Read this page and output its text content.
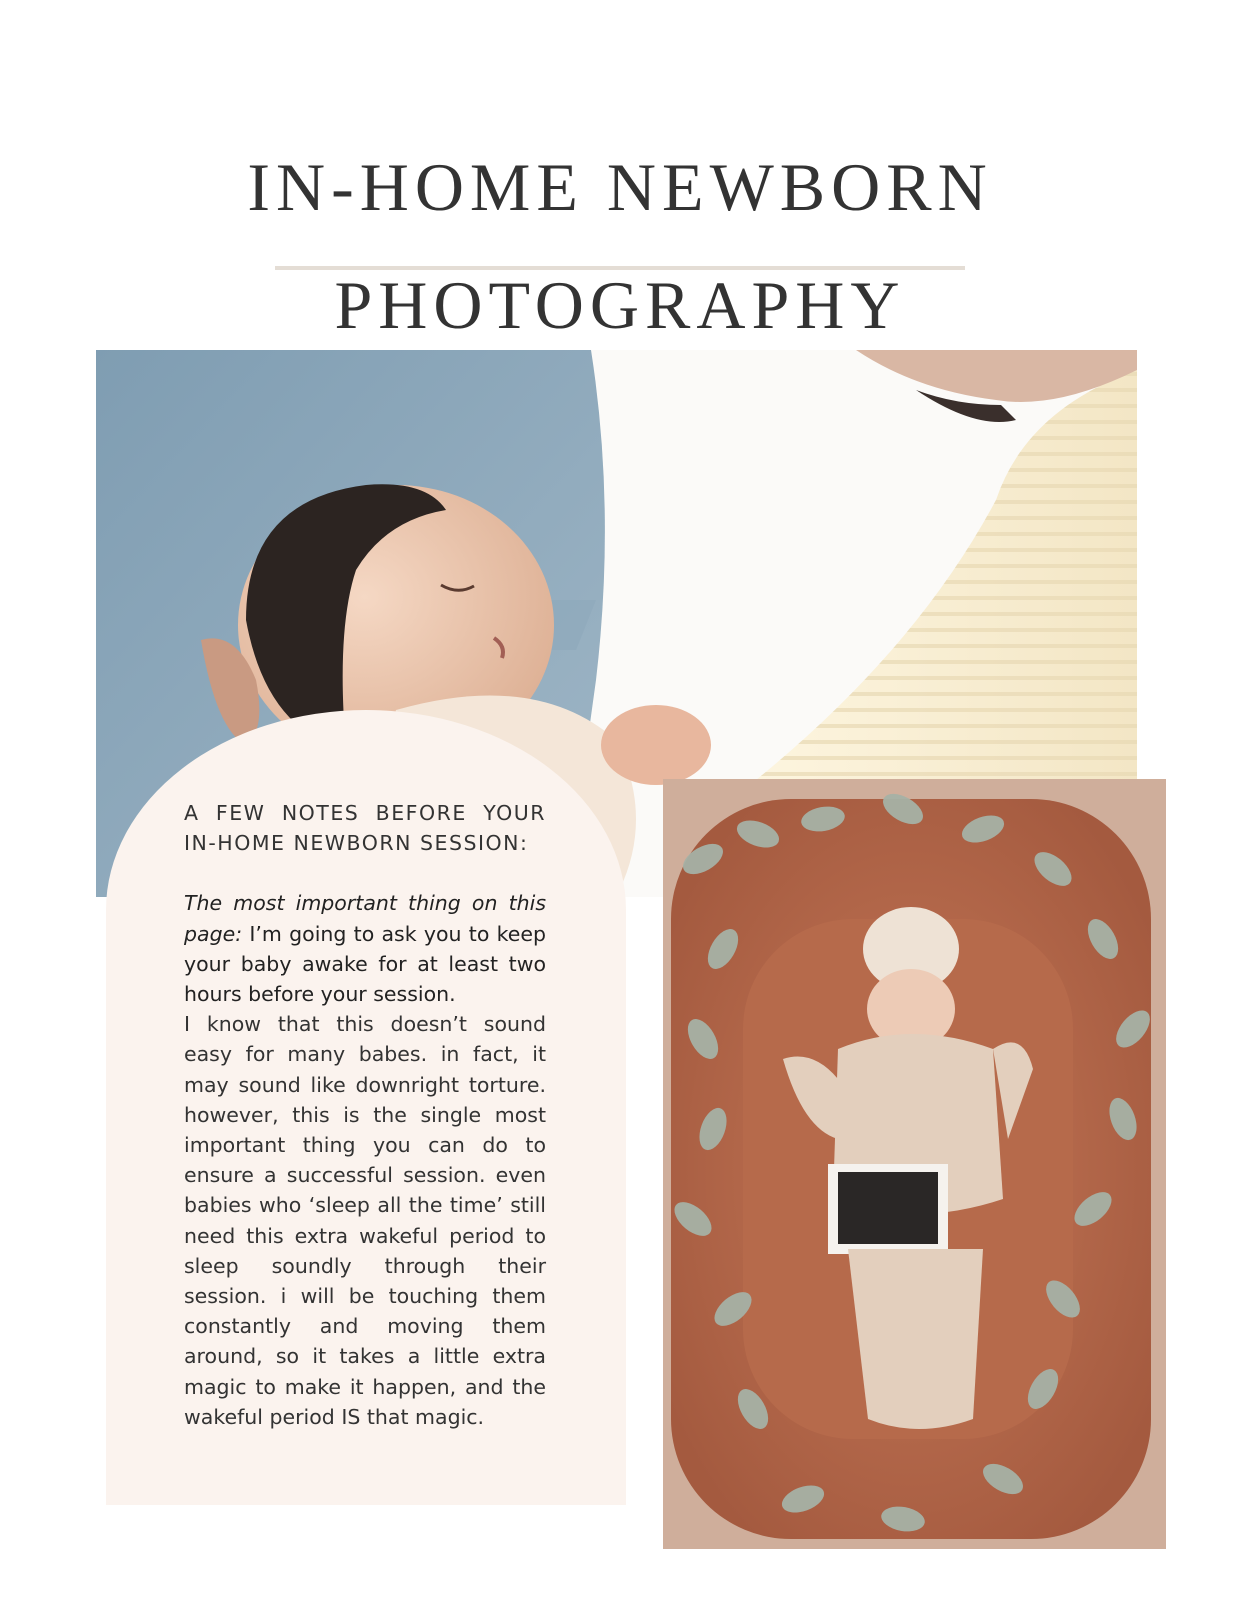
IN-HOME NEWBORN
PHOTOGRAPHY

A FEW NOTES BEFORE YOUR IN-HOME NEWBORN SESSION:

The most important thing on this page: I’m going to ask you to keep your baby awake for at least two hours before your session.

I know that this doesn’t sound easy for many babes. in fact, it may sound like downright torture. however, this is the single most important thing you can do to ensure a successful session. even babies who ‘sleep all the time’ still need this extra wakeful period to sleep soundly through their session. i will be touching them constantly and moving them around, so it takes a little extra magic to make it happen, and the wakeful period IS that magic.
